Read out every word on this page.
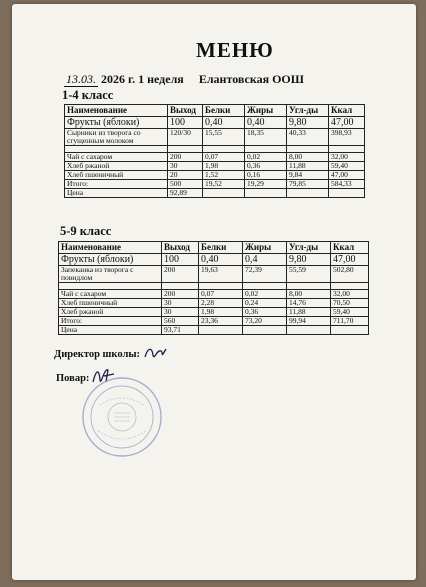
МЕНЮ
13.03. 2026 г. 1 неделя Елантовская ООШ
1-4 класс
Наименование	Выход	Белки	Жиры	Угл-ды	Ккал
Фрукты (яблоки)	100	0,40	0,40	9,80	47,00
Сырники из творога со сгущенным молоком	120/30	15,55	18,35	40,33	398,93

Чай с сахаром	200	0,07	0,02	8,00	32,00
Хлеб ржаной	30	1,98	0,36	11,88	59,40
Хлеб пшеничный	20	1,52	0,16	9,84	47,00
Итого:	500	19,52	19,29	79,85	584,33
Цена	92,89				
5-9 класс
Наименование	Выход	Белки	Жиры	Угл-ды	Ккал
Фрукты (яблоки)	100	0,40	0,4	9,80	47,00
Запеканка из творога с повидлом	200	19,63	72,39	55,59	502,80

Чай с сахаром	200	0,07	0,02	8,00	32,00
Хлеб пшеничный	30	2,28	0,24	14,76	70,50
Хлеб ржаной	30	1,98	0,36	11,88	59,40
Итого:	560	23,36	73,20	99,94	711,70
Цена	93,71				
Директор школы:
Повар:
